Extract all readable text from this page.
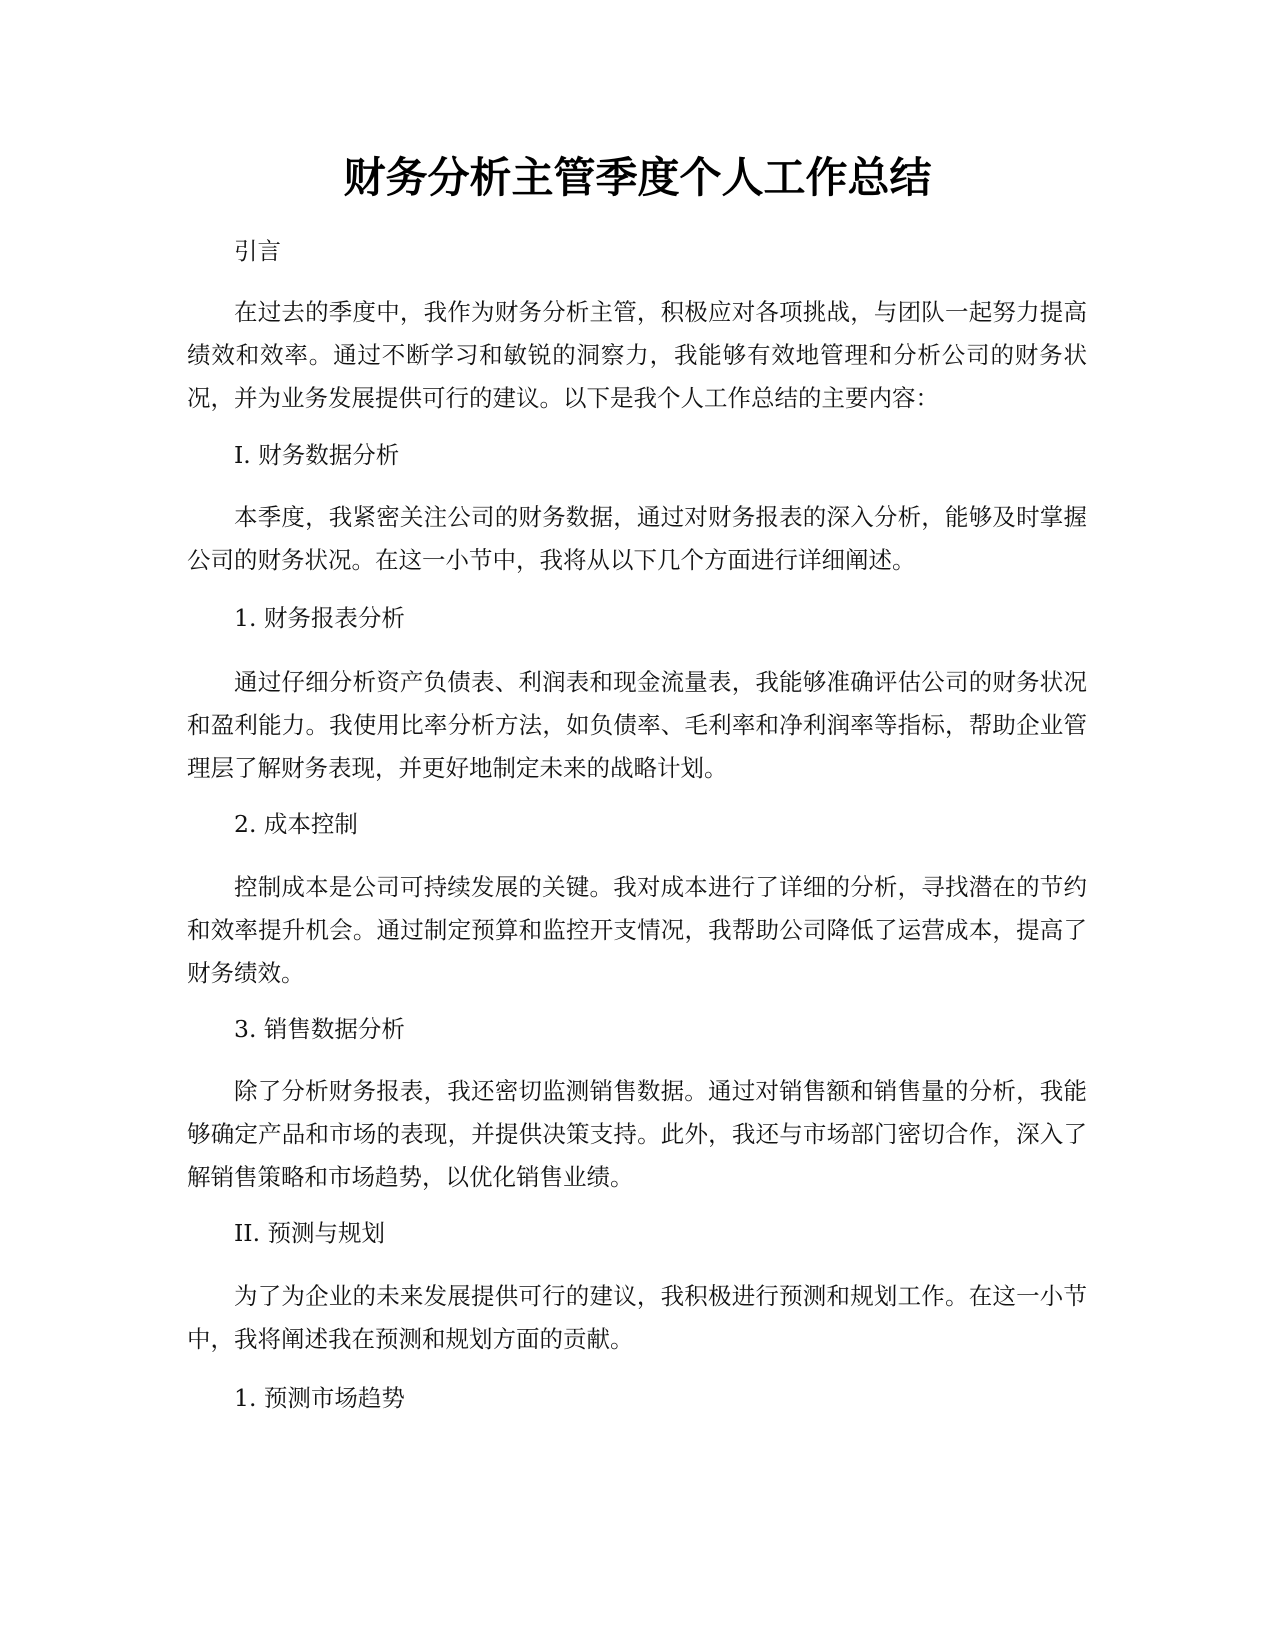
财务分析主管季度个人工作总结

引言

在过去的季度中，我作为财务分析主管，积极应对各项挑战，与团队一起努力提高绩效和效率。通过不断学习和敏锐的洞察力，我能够有效地管理和分析公司的财务状况，并为业务发展提供可行的建议。以下是我个人工作总结的主要内容：

I. 财务数据分析

本季度，我紧密关注公司的财务数据，通过对财务报表的深入分析，能够及时掌握公司的财务状况。在这一小节中，我将从以下几个方面进行详细阐述。

1. 财务报表分析

通过仔细分析资产负债表、利润表和现金流量表，我能够准确评估公司的财务状况和盈利能力。我使用比率分析方法，如负债率、毛利率和净利润率等指标，帮助企业管理层了解财务表现，并更好地制定未来的战略计划。

2. 成本控制

控制成本是公司可持续发展的关键。我对成本进行了详细的分析，寻找潜在的节约和效率提升机会。通过制定预算和监控开支情况，我帮助公司降低了运营成本，提高了财务绩效。

3. 销售数据分析

除了分析财务报表，我还密切监测销售数据。通过对销售额和销售量的分析，我能够确定产品和市场的表现，并提供决策支持。此外，我还与市场部门密切合作，深入了解销售策略和市场趋势，以优化销售业绩。

II. 预测与规划

为了为企业的未来发展提供可行的建议，我积极进行预测和规划工作。在这一小节中，我将阐述我在预测和规划方面的贡献。

1. 预测市场趋势
